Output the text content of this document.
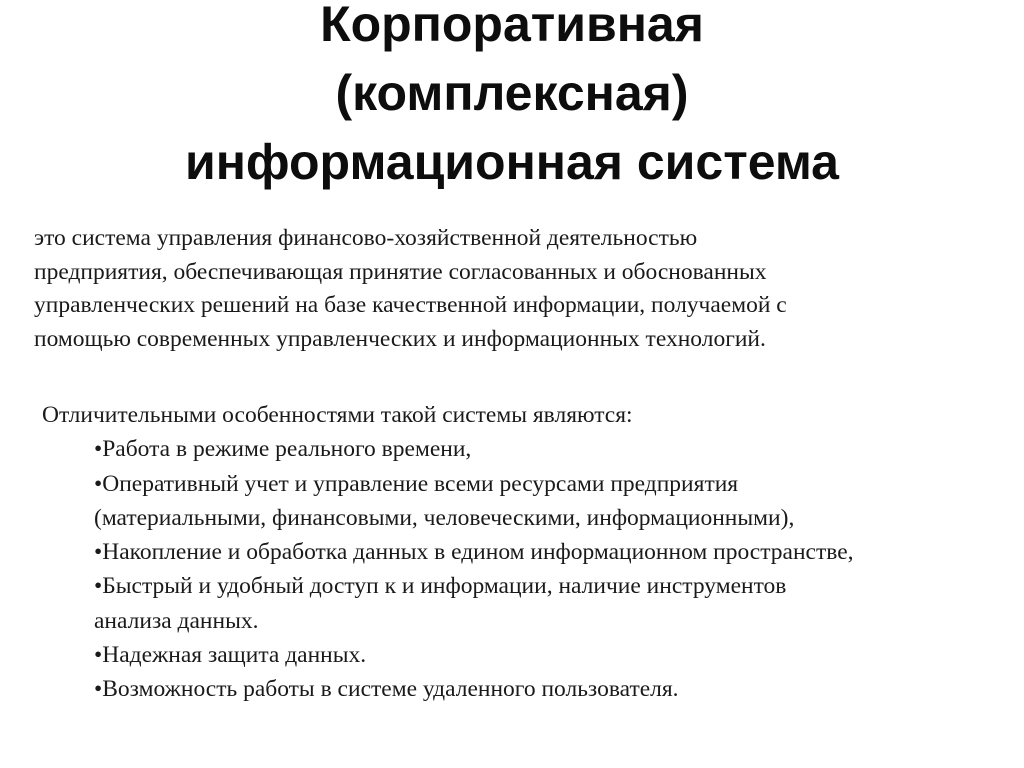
Корпоративная
(комплексная)
информационная система

это система управления финансово-хозяйственной деятельностью
предприятия, обеспечивающая принятие согласованных и обоснованных
управленческих решений на базе качественной информации, получаемой с
помощью современных управленческих и информационных технологий.

Отличительными особенностями такой системы являются:
•Работа в режиме реального времени,
•Оперативный учет и управление всеми ресурсами предприятия
(материальными, финансовыми, человеческими, информационными),
•Накопление и обработка данных в едином информационном пространстве,
•Быстрый и удобный доступ к и информации, наличие инструментов
анализа данных.
•Надежная защита данных.
•Возможность работы в системе удаленного пользователя.
